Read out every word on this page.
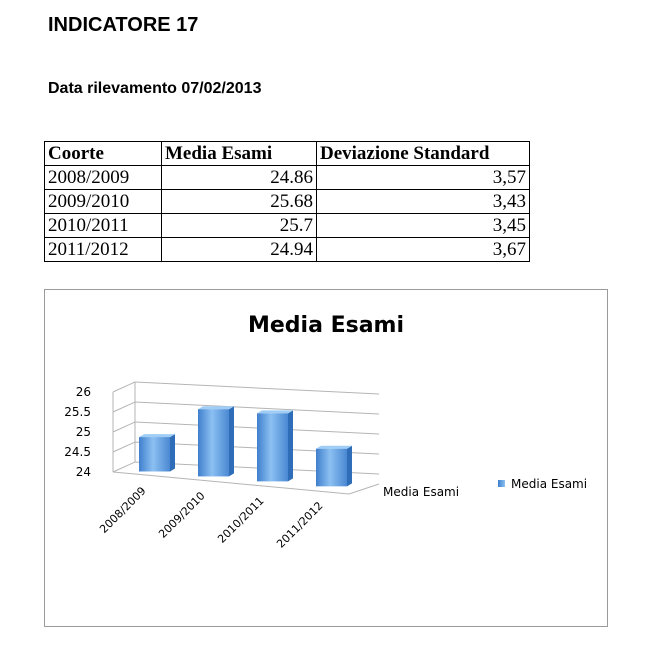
INDICATORE 17
Data rilevamento 07/02/2013
Coorte	Media Esami	Deviazione Standard
2008/2009	24.86	3,57
2009/2010	25.68	3,43
2010/2011	25.7	3,45
2011/2012	24.94	3,67
Media Esami
24
24.5
25
25.5
26
2008/2009 2009/2010 2010/2011 2011/2012
Media Esami
Media Esami
